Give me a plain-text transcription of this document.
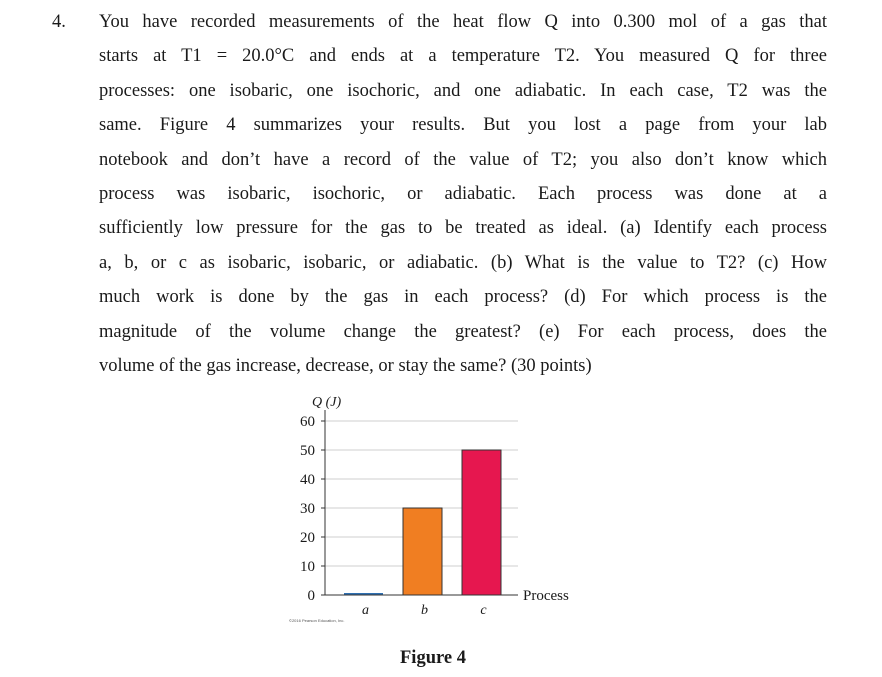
4. You have recorded measurements of the heat flow Q into 0.300 mol of a gas that
starts at T1 = 20.0°C and ends at a temperature T2. You measured Q for three
processes: one isobaric, one isochoric, and one adiabatic. In each case, T2 was the
same. Figure 4 summarizes your results. But you lost a page from your lab
notebook and don’t have a record of the value of T2; you also don’t know which
process was isobaric, isochoric, or adiabatic. Each process was done at a
sufficiently low pressure for the gas to be treated as ideal. (a) Identify each process
a, b, or c as isobaric, isobaric, or adiabatic. (b) What is the value to T2? (c) How
much work is done by the gas in each process? (d) For which process is the
magnitude of the volume change the greatest? (e) For each process, does the
volume of the gas increase, decrease, or stay the same? (30 points)
0
10
20
30
40
50
60
a	b	c
Q (J)
Process
©2016 Pearson Education, Inc.
Figure 4
